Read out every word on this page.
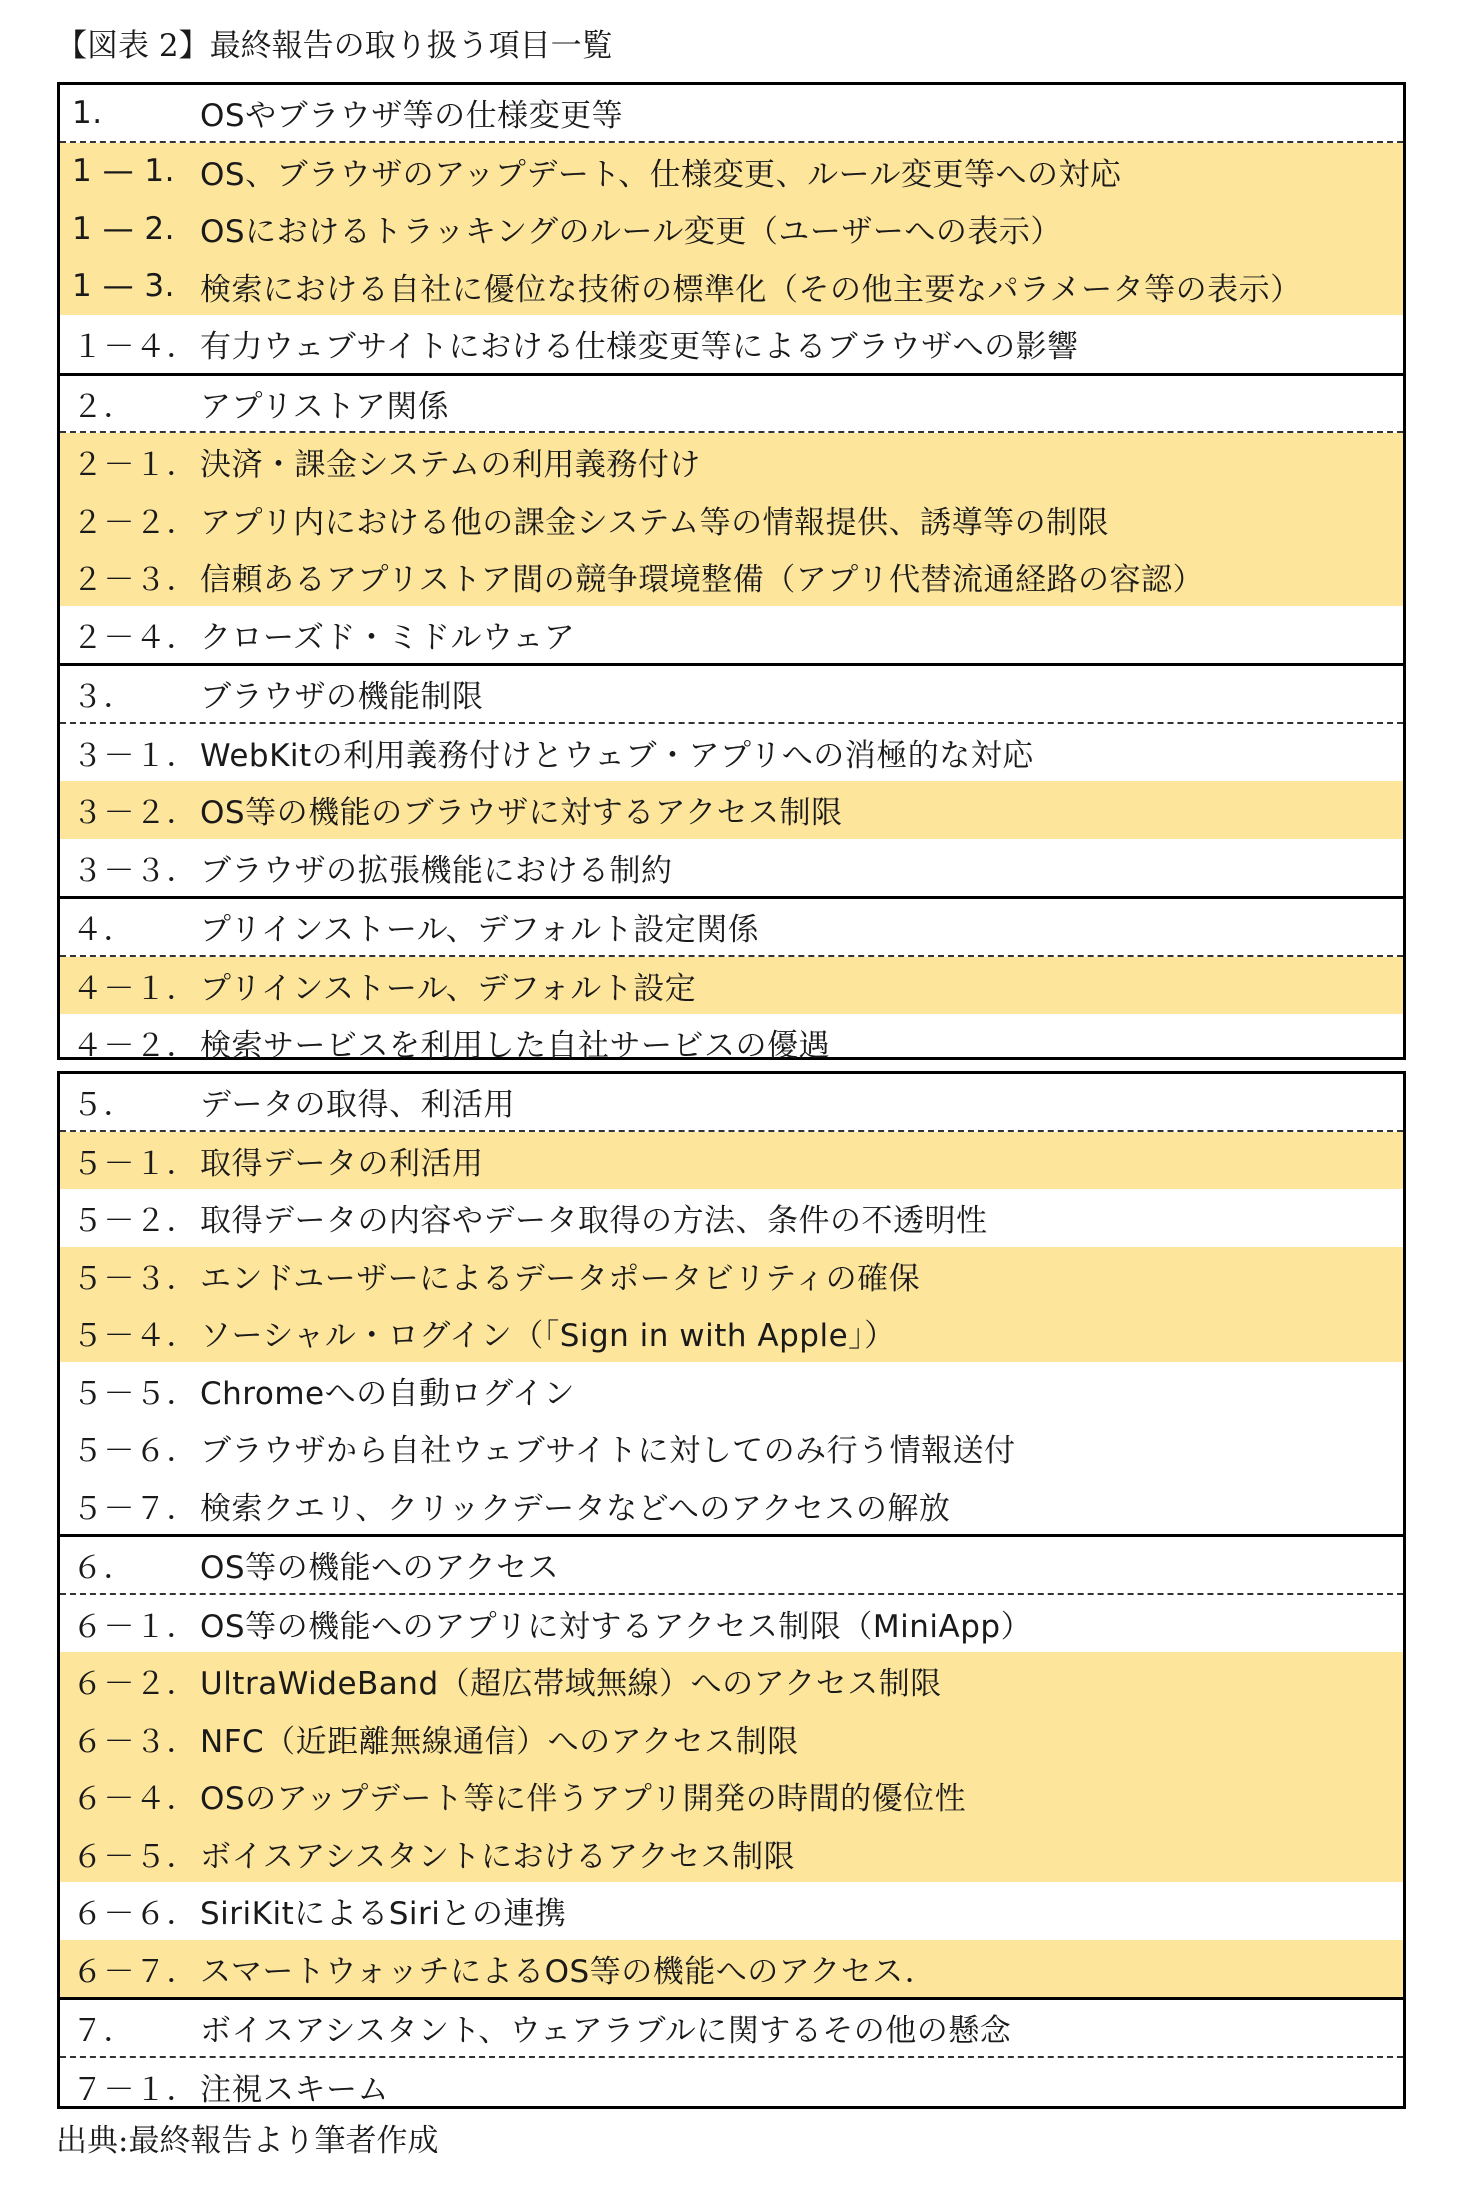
【図表 2】最終報告の取り扱う項目一覧
1.	OSやブラウザ等の仕様変更等
1 — 1. OS、ブラウザのアップデート、仕様変更、ルール変更等への対応
1 — 2. OSにおけるトラッキングのルール変更（ユーザーへの表示）
1 — 3. 検索における自社に優位な技術の標準化（その他主要なパラメータ等の表示）
１－４． 有力ウェブサイトにおける仕様変更等によるブラウザへの影響
２．	アプリストア関係
２－１． 決済・課金システムの利用義務付け
２－２． アプリ内における他の課金システム等の情報提供、誘導等の制限
２－３． 信頼あるアプリストア間の競争環境整備（アプリ代替流通経路の容認）
２－４． クローズド・ミドルウェア
３．	ブラウザの機能制限
３－１． WebKitの利用義務付けとウェブ・アプリへの消極的な対応
３－２． OS等の機能のブラウザに対するアクセス制限
３－３． ブラウザの拡張機能における制約
４．	プリインストール、デフォルト設定関係
４－１． プリインストール、デフォルト設定
４－２． 検索サービスを利用した自社サービスの優遇
５．	データの取得、利活用
５－１． 取得データの利活用
５－２． 取得データの内容やデータ取得の方法、条件の不透明性
５－３． エンドユーザーによるデータポータビリティの確保
５－４． ソーシャル・ログイン（「Sign in with Apple」）
５－５． Chromeへの自動ログイン
５－６． ブラウザから自社ウェブサイトに対してのみ行う情報送付
５－７． 検索クエリ、クリックデータなどへのアクセスの解放
６．	OS等の機能へのアクセス
６－１． OS等の機能へのアプリに対するアクセス制限（MiniApp）
６－２． UltraWideBand（超広帯域無線）へのアクセス制限
６－３． NFC（近距離無線通信）へのアクセス制限
６－４． OSのアップデート等に伴うアプリ開発の時間的優位性
６－５． ボイスアシスタントにおけるアクセス制限
６－６． SiriKitによるSiriとの連携
６－７． スマートウォッチによるOS等の機能へのアクセス．
７．	ボイスアシスタント、ウェアラブルに関するその他の懸念
７－１． 注視スキーム
出典:最終報告より筆者作成
